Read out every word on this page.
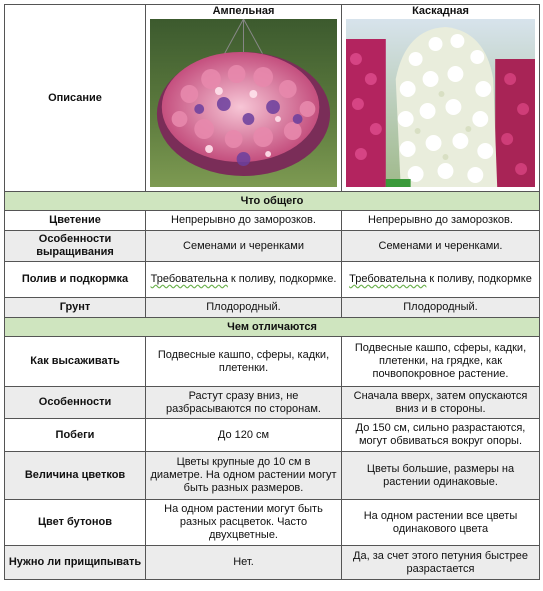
Описание	Ампельная	Каскадная

Что общего		
Цветение	Непрерывно до заморозков.	Непрерывно до заморозков.
Особенности выращивания	Семенами и черенками	Семенами и черенками.
Полив и подкормка	Требовательна к поливу, подкормке.	Требовательна к поливу, подкормке
Грунт	Плодородный.	Плодородный.
Чем отличаются		
Как высаживать	Подвесные кашпо, сферы, кадки, плетенки.	Подвесные кашпо, сферы, кадки, плетенки, на грядке, как почвопокровное растение.
Особенности	Растут сразу вниз, не разбрасываются по сторонам.	Сначала вверх, затем опускаются вниз и в стороны.
Побеги	До 120 см	До 150 см, сильно разрастаются, могут обвиваться вокруг опоры.
Величина цветков	Цветы крупные до 10 см в диаметре. На одном растении могут быть разных размеров.	Цветы большие, размеры на растении одинаковые.
Цвет бутонов	На одном растении могут быть разных расцветок. Часто двухцветные.	На одном растении все цветы одинакового цвета
Нужно ли прищипывать	Нет.	Да, за счет этого петуния быстрее разрастается
